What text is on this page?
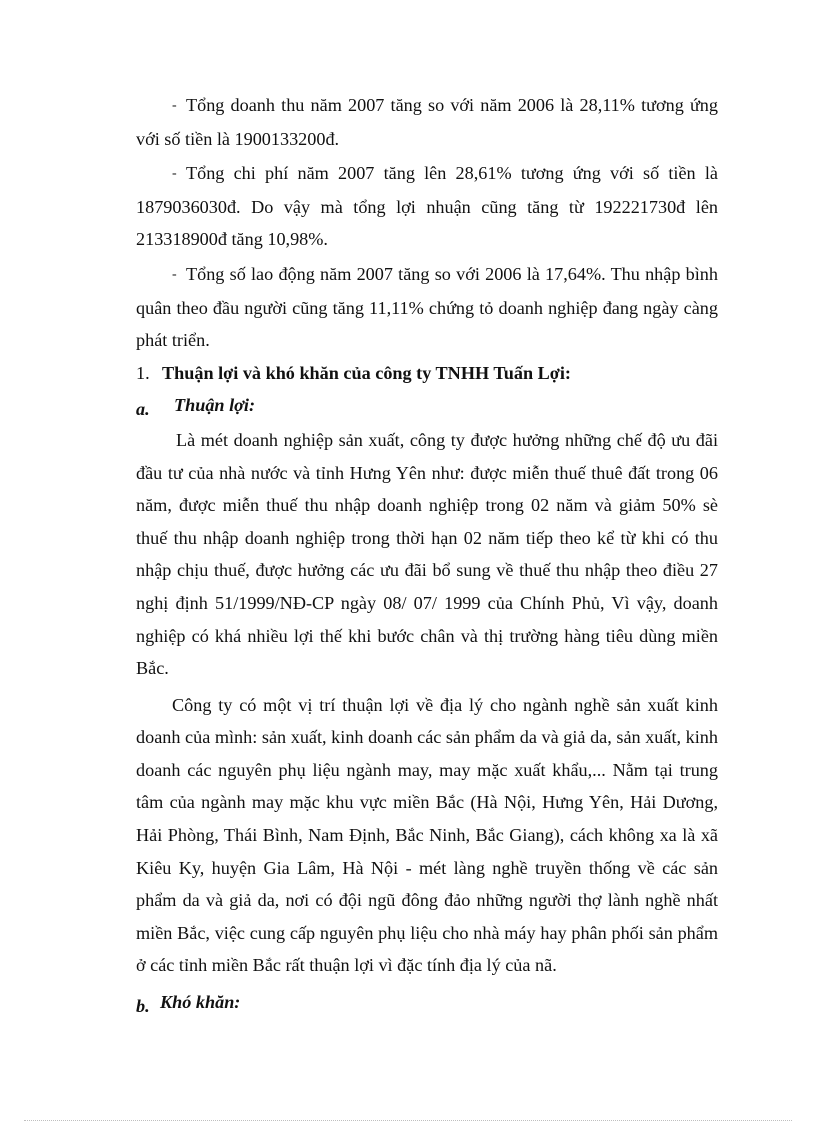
- Tổng doanh thu năm 2007 tăng so với năm 2006 là 28,11% tương ứng với số tiền là 1900133200đ.

- Tổng chi phí năm 2007 tăng lên 28,61% tương ứng với số tiền là 1879036030đ. Do vậy mà tổng lợi nhuận cũng tăng từ 192221730đ lên 213318900đ tăng 10,98%.

- Tổng số lao động năm 2007 tăng so với 2006 là 17,64%. Thu nhập bình quân theo đầu người cũng tăng 11,11% chứng tỏ doanh nghiệp đang ngày càng phát triển.

1. Thuận lợi và khó khăn của công ty TNHH Tuấn Lợi:

a. Thuận lợi:

Là mét doanh nghiệp sản xuất, công ty được hưởng những chế độ ưu đãi đầu tư của nhà nước và tỉnh Hưng Yên như: được miễn thuế thuê đất trong 06 năm, được miễn thuế thu nhập doanh nghiệp trong 02 năm và giảm 50% sè thuế thu nhập doanh nghiệp trong thời hạn 02 năm tiếp theo kể từ khi có thu nhập chịu thuế, được hưởng các ưu đãi bổ sung về thuế thu nhập theo điều 27 nghị định 51/1999/NĐ-CP ngày 08/ 07/ 1999 của Chính Phủ, Vì vậy, doanh nghiệp có khá nhiều lợi thế khi bước chân và thị trường hàng tiêu dùng miền Bắc.

Công ty có một vị trí thuận lợi về địa lý cho ngành nghề sản xuất kinh doanh của mình: sản xuất, kinh doanh các sản phẩm da và giả da, sản xuất, kinh doanh các nguyên phụ liệu ngành may, may mặc xuất khẩu,... Nằm tại trung tâm của ngành may mặc khu vực miền Bắc (Hà Nội, Hưng Yên, Hải Dương, Hải Phòng, Thái Bình, Nam Định, Bắc Ninh, Bắc Giang), cách không xa là xã Kiêu Ky, huyện Gia Lâm, Hà Nội - mét làng nghề truyền thống về các sản phẩm da và giả da, nơi có đội ngũ đông đảo những người thợ lành nghề nhất miền Bắc, việc cung cấp nguyên phụ liệu cho nhà máy hay phân phối sản phẩm ở các tỉnh miền Bắc rất thuận lợi vì đặc tính địa lý của nã.

b. Khó khăn:
